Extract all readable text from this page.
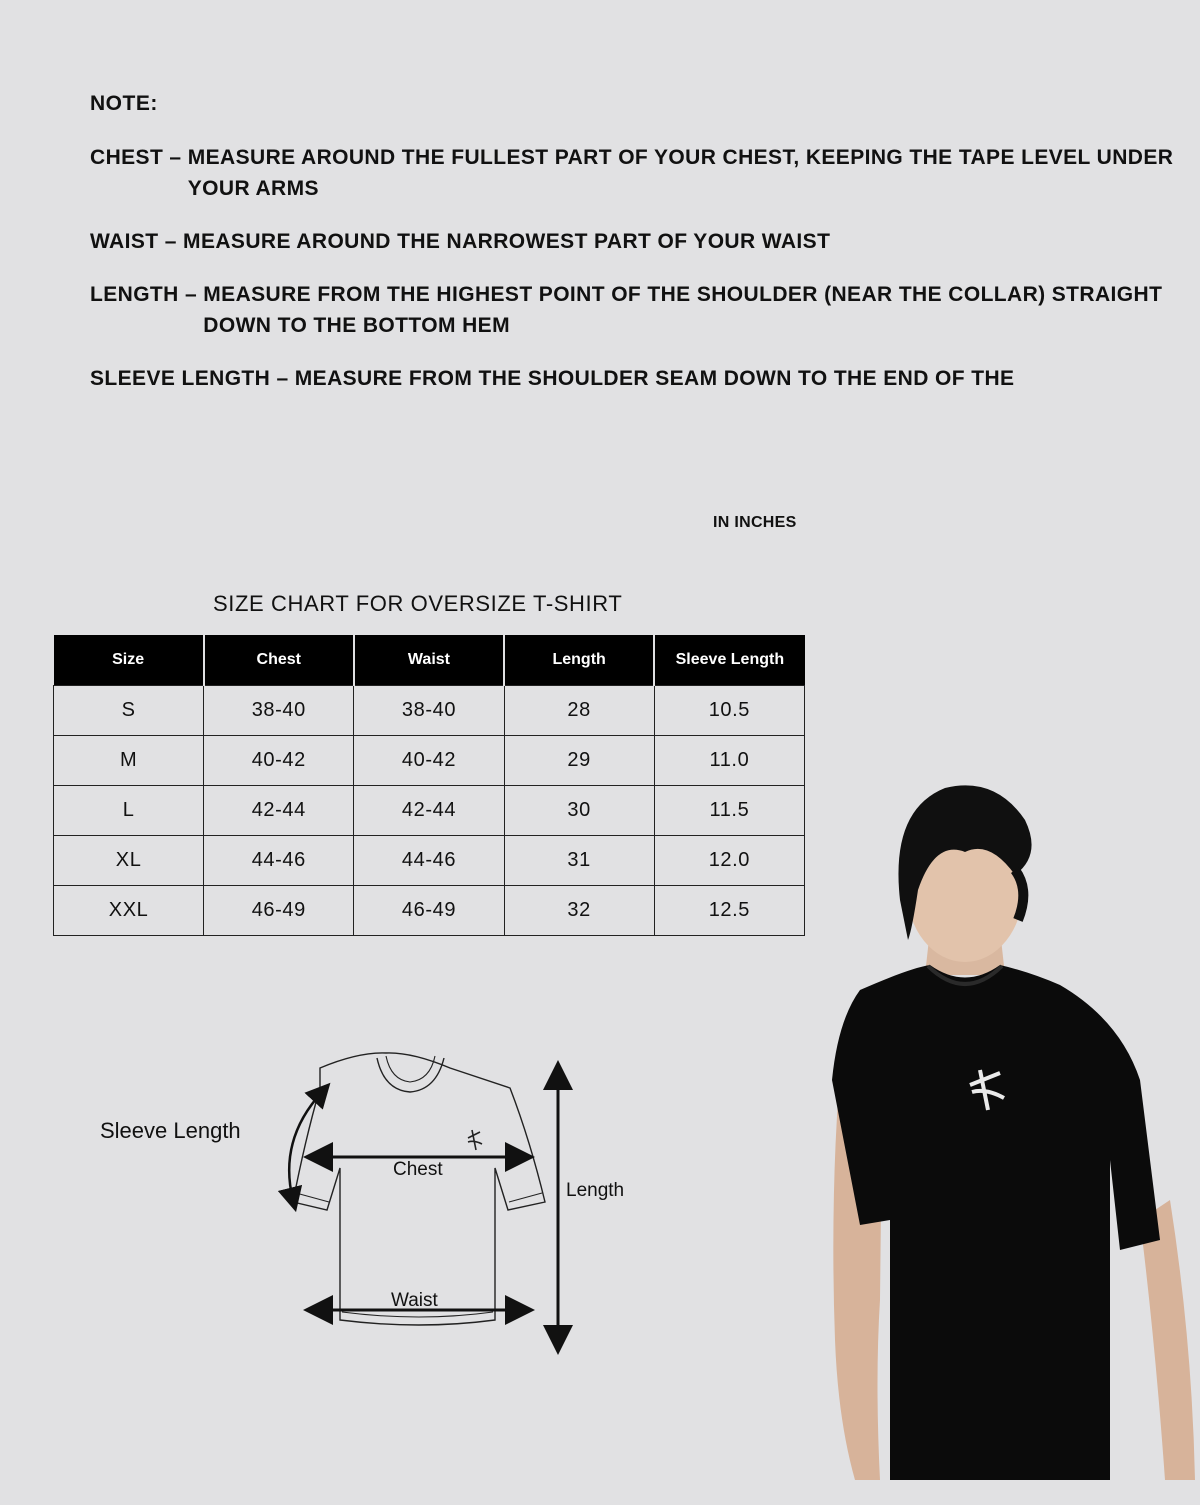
NOTE:
CHEST – MEASURE AROUND THE FULLEST PART OF YOUR CHEST, KEEPING THE TAPE LEVEL UNDER YOUR ARMS
WAIST – MEASURE AROUND THE NARROWEST PART OF YOUR WAIST
LENGTH – MEASURE FROM THE HIGHEST POINT OF THE SHOULDER (NEAR THE COLLAR) STRAIGHT DOWN TO THE BOTTOM HEM
SLEEVE LENGTH – MEASURE FROM THE SHOULDER SEAM DOWN TO THE END OF THE
IN INCHES
SIZE CHART FOR OVERSIZE T-SHIRT
Size	Chest	Waist	Length	Sleeve Length
S	38-40	38-40	28	10.5
M	40-42	40-42	29	11.0
L	42-44	42-44	30	11.5
XL	44-46	44-46	31	12.0
XXL	46-49	46-49	32	12.5
Sleeve Length
Chest
Waist
Length
